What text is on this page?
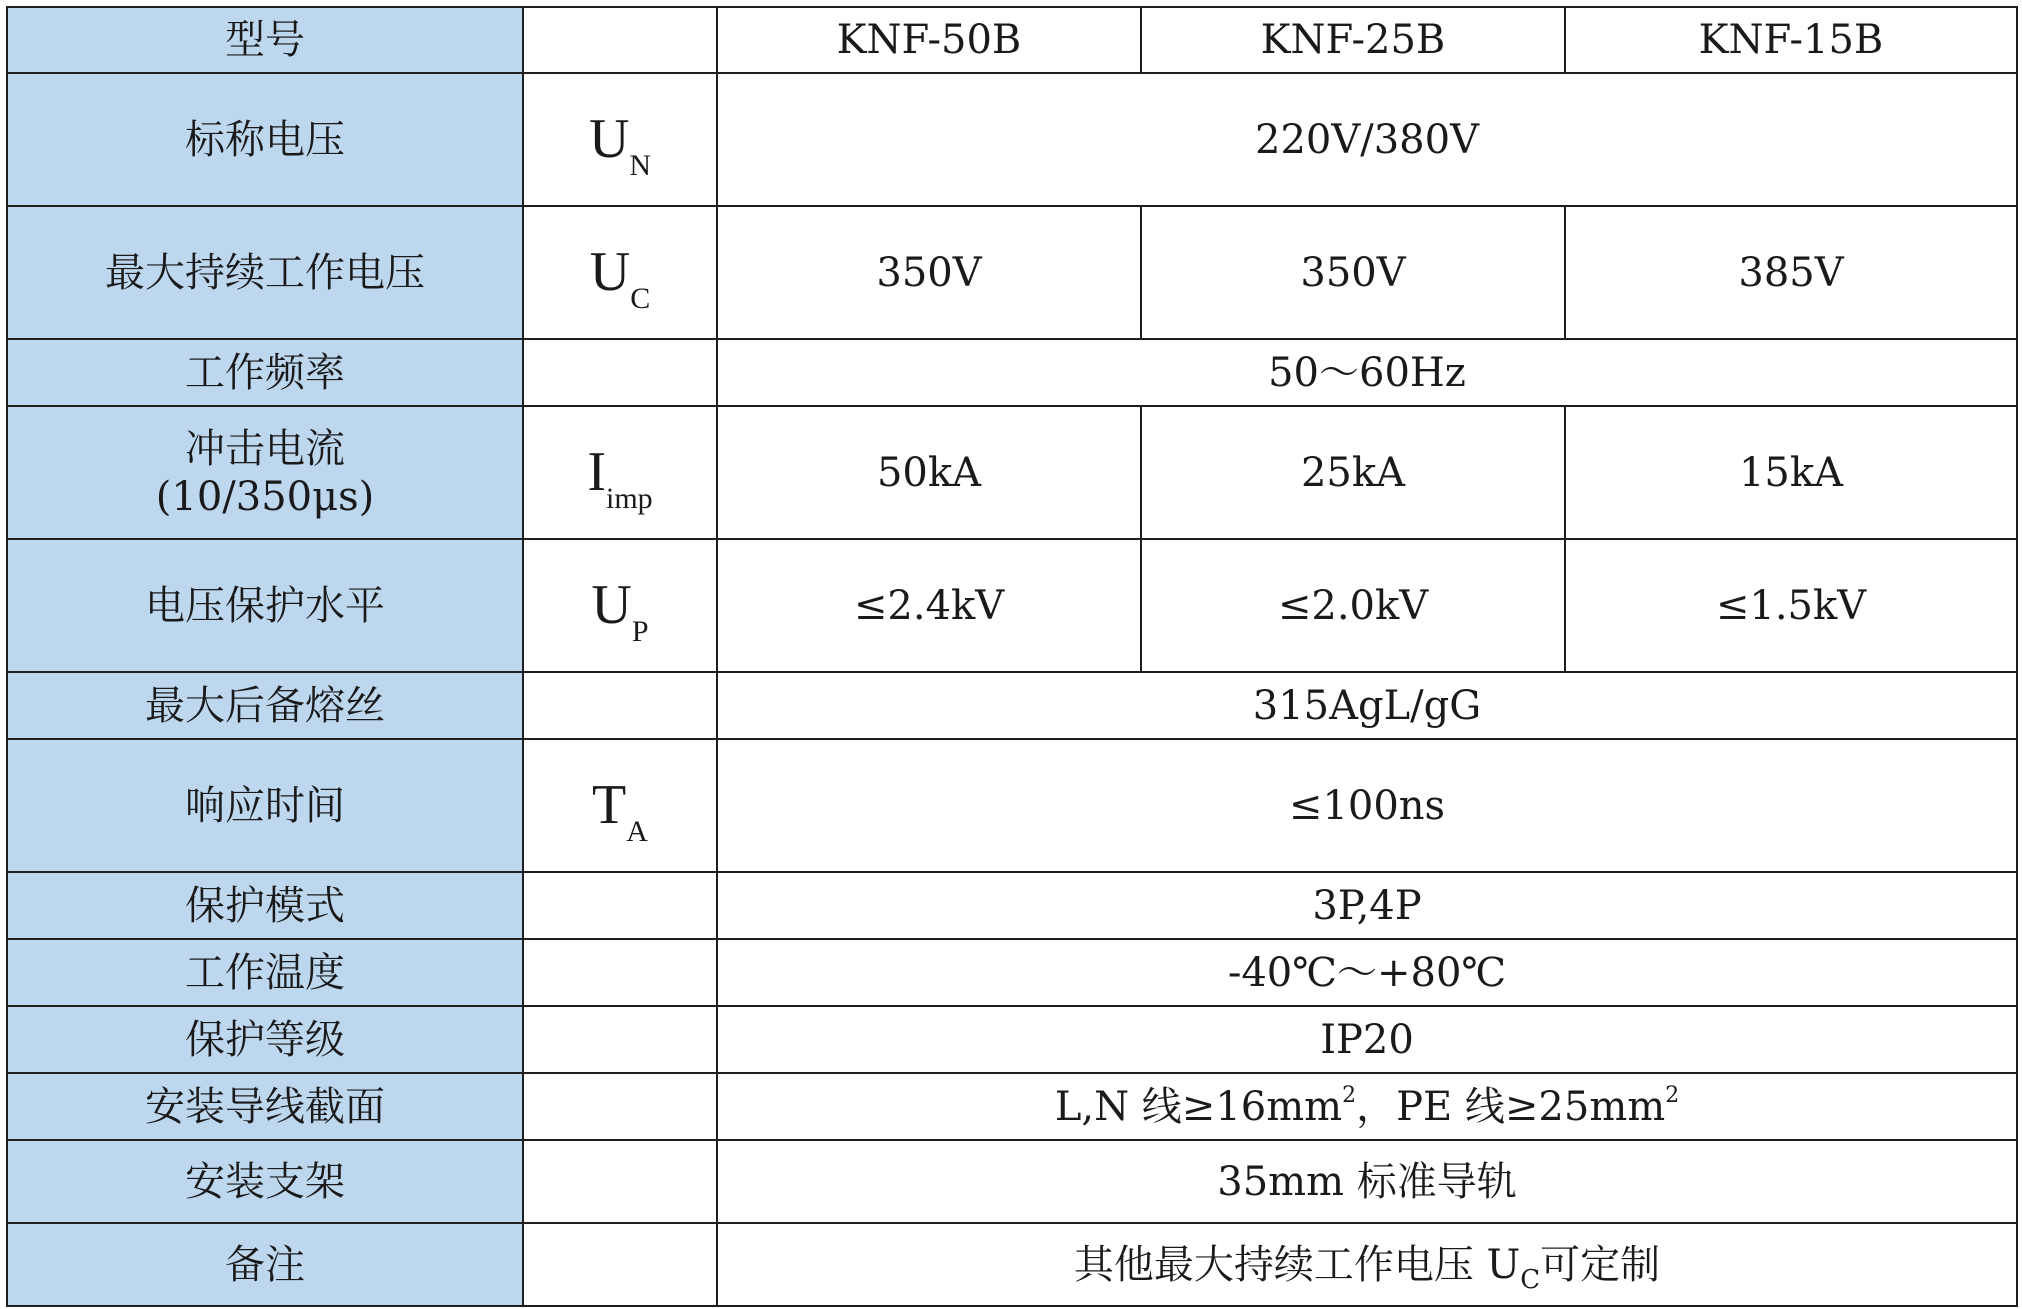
型号		KNF-50B	KNF-25B	KNF-15B
标称电压	$U_N$	220V/380V		
最大持续工作电压	$U_C$	350V	350V	385V
工作频率		50～60Hz		

冲击电流
(10/350μs)	$I_{imp}$	50kA	25kA	15kA
电压保护水平	$U_P$	≤2.4kV	≤2.0kV	≤1.5kV
最大后备熔丝		315AgL/gG		
响应时间	$T_A$	≤100ns		
保护模式		3P,4P		
工作温度		-40℃～+80℃		
保护等级		IP20		
安装导线截面		L,N 线$\ge 16mm^2$，PE 线$\ge 25mm^2$
安装支架		35mm 标准导轨		
备注		其他最大持续工作电压 $U_C$可定制		
